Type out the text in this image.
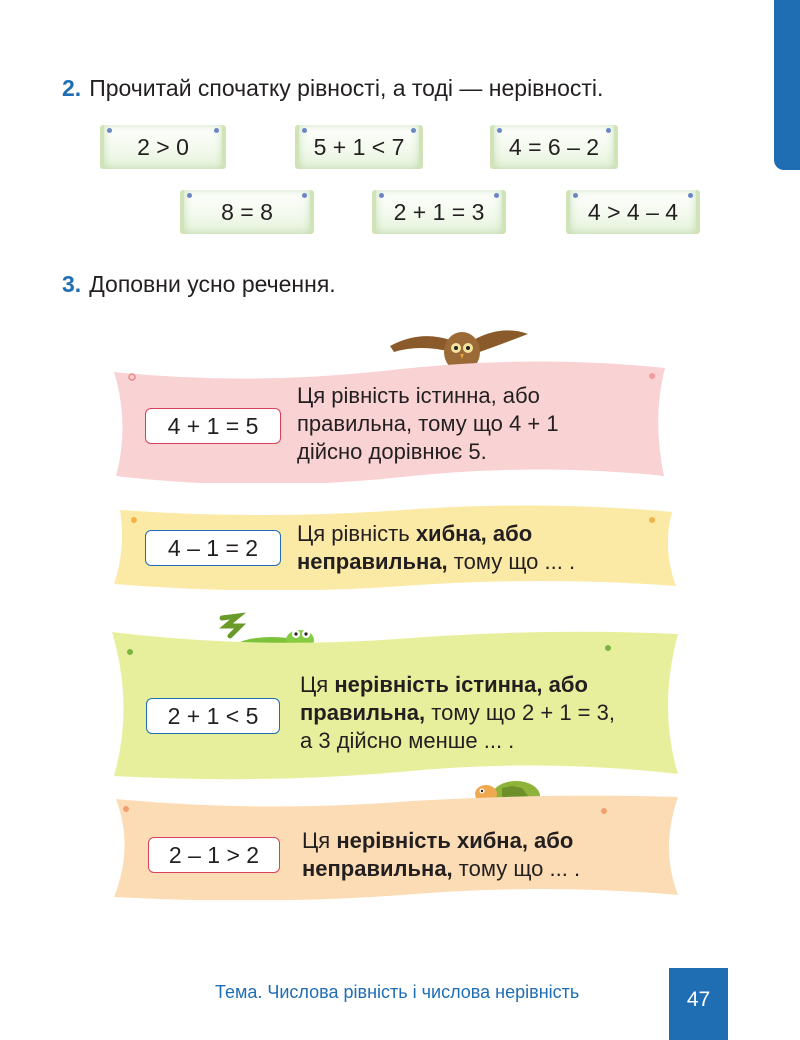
2. Прочитай спочатку рівності, а тоді — нерівності.
2 > 0	5 + 1 < 7	4 = 6 – 2
8 = 8	2 + 1 = 3	4 > 4 – 4
3. Доповни усно речення.
4 + 1 = 5
Ця рівність істинна, або
правильна, тому що 4 + 1
дійсно дорівнює 5.
4 – 1 = 2
Ця рівність хибна, або
неправильна, тому що ... .
2 + 1 < 5
Ця нерівність істинна, або
правильна, тому що 2 + 1 = 3,
а 3 дійсно менше ... .
2 – 1 > 2
Ця нерівність хибна, або
неправильна, тому що ... .
Тема. Числова рівність і числова нерівність	47
